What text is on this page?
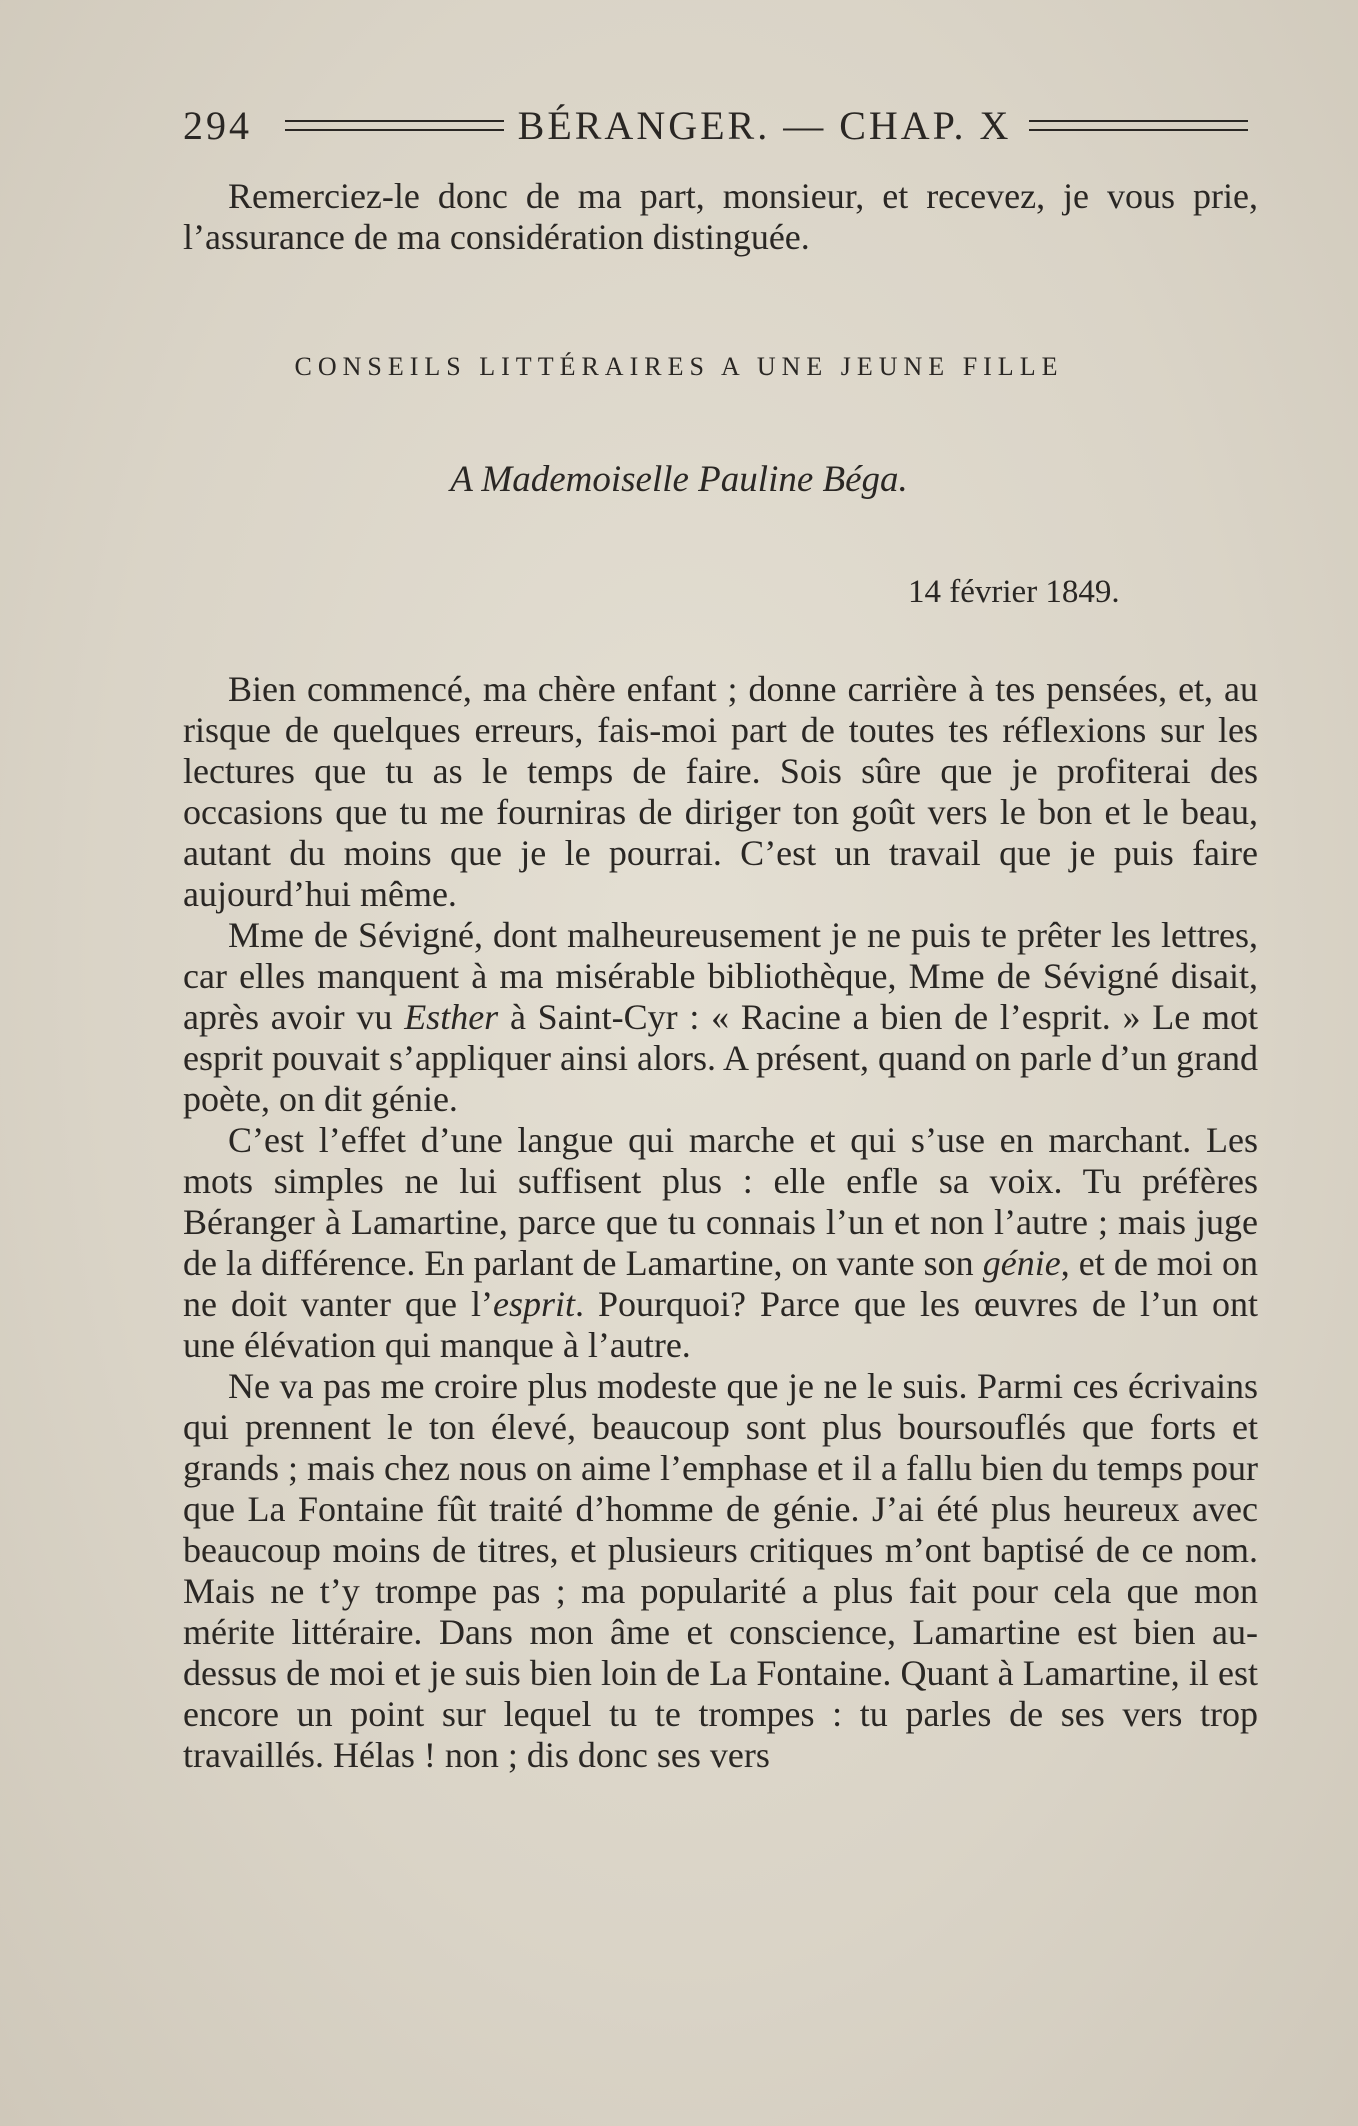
294	BÉRANGER. — CHAP. X

Remerciez-le donc de ma part, monsieur, et recevez, je vous prie, l’assurance de ma considération distinguée.

CONSEILS LITTÉRAIRES A UNE JEUNE FILLE
A Mademoiselle Pauline Béga.
14 février 1849.

Bien commencé, ma chère enfant ; donne carrière à tes pensées, et, au risque de quelques erreurs, fais-moi part de toutes tes réflexions sur les lectures que tu as le temps de faire. Sois sûre que je profiterai des occasions que tu me fourniras de diriger ton goût vers le bon et le beau, autant du moins que je le pourrai. C’est un travail que je puis faire aujourd’hui même.

Mme de Sévigné, dont malheureusement je ne puis te prêter les lettres, car elles manquent à ma misérable bibliothèque, Mme de Sévigné disait, après avoir vu Esther à Saint-Cyr : « Racine a bien de l’esprit. » Le mot esprit pouvait s’appliquer ainsi alors. A présent, quand on parle d’un grand poète, on dit génie.

C’est l’effet d’une langue qui marche et qui s’use en marchant. Les mots simples ne lui suffisent plus : elle enfle sa voix. Tu préfères Béranger à Lamartine, parce que tu connais l’un et non l’autre ; mais juge de la différence. En parlant de Lamartine, on vante son génie, et de moi on ne doit vanter que l’esprit. Pourquoi? Parce que les œuvres de l’un ont une élévation qui manque à l’autre.

Ne va pas me croire plus modeste que je ne le suis. Parmi ces écrivains qui prennent le ton élevé, beaucoup sont plus boursouflés que forts et grands ; mais chez nous on aime l’emphase et il a fallu bien du temps pour que La Fontaine fût traité d’homme de génie. J’ai été plus heureux avec beaucoup moins de titres, et plusieurs critiques m’ont baptisé de ce nom. Mais ne t’y trompe pas ; ma popularité a plus fait pour cela que mon mérite littéraire. Dans mon âme et conscience, Lamartine est bien au-dessus de moi et je suis bien loin de La Fontaine. Quant à Lamartine, il est encore un point sur lequel tu te trompes : tu parles de ses vers trop travaillés. Hélas ! non ; dis donc ses vers
